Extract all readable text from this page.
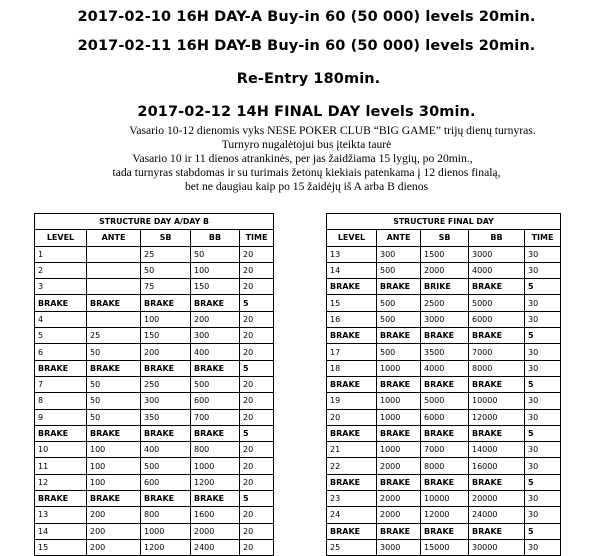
2017-02-10 16H DAY-A Buy-in 60 (50 000) levels 20min.
2017-02-11 16H DAY-B Buy-in 60 (50 000) levels 20min.
Re-Entry 180min.
2017-02-12 14H FINAL DAY levels 30min.
Vasario 10-12 dienomis vyks NESE POKER CLUB “BIG GAME” trijų dienų turnyras.
Turnyro nugalėtojui bus įteikta taurė
Vasario 10 ir 11 dienos atrankinės, per jas žaidžiama 15 lygių, po 20min.,
tada turnyras stabdomas ir su turimais žetonų kiekiais patenkama į 12 dienos finalą,
bet ne daugiau kaip po 15 žaidėjų iš A arba B dienos
STRUCTURE DAY A/DAY B				
LEVEL	ANTE	SB	BB	TIME
1		25	50	20
2		50	100	20
3		75	150	20
BRAKE	BRAKE	BRAKE	BRAKE	5
4		100	200	20
5	25	150	300	20
6	50	200	400	20
BRAKE	BRAKE	BRAKE	BRAKE	5
7	50	250	500	20
8	50	300	600	20
9	50	350	700	20
BRAKE	BRAKE	BRAKE	BRAKE	5
10	100	400	800	20
11	100	500	1000	20
12	100	600	1200	20
BRAKE	BRAKE	BRAKE	BRAKE	5
13	200	800	1600	20
14	200	1000	2000	20
15	200	1200	2400	20
STRUCTURE FINAL DAY				
LEVEL	ANTE	SB	BB	TIME
13	300	1500	3000	30
14	500	2000	4000	30
BRAKE	BRAKE	BRIKE	BRAKE	5
15	500	2500	5000	30
16	500	3000	6000	30
BRAKE	BRAKE	BRAKE	BRAKE	5
17	500	3500	7000	30
18	1000	4000	8000	30
BRAKE	BRAKE	BRAKE	BRAKE	5
19	1000	5000	10000	30
20	1000	6000	12000	30
BRAKE	BRAKE	BRAKE	BRAKE	5
21	1000	7000	14000	30
22	2000	8000	16000	30
BRAKE	BRAKE	BRAKE	BRAKE	5
23	2000	10000	20000	30
24	2000	12000	24000	30
BRAKE	BRAKE	BRAKE	BRAKE	5
25	3000	15000	30000	30
